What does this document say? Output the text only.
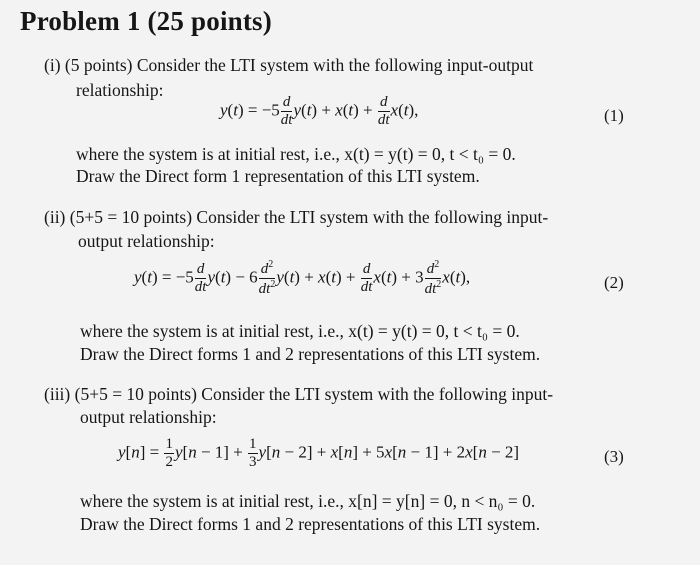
Problem 1 (25 points)
(i) (5 points) Consider the LTI system with the following input-output
relationship:
$y(t) = -5 \frac{d}{dt} y(t) + x(t) + \frac{d}{dt} x(t)$,	(1)
where the system is at initial rest, i.e., x(t) = y(t) = 0, t < t₀ = 0.
Draw the Direct form 1 representation of this LTI system.
(ii) (5+5 = 10 points) Consider the LTI system with the following input-
output relationship:
$y(t) = -5 \frac{d}{dt} y(t) - 6 \frac{d^2}{dt^2} y(t) + x(t) + \frac{d}{dt} x(t) + 3 \frac{d^2}{dt^2} x(t)$,	(2)
where the system is at initial rest, i.e., x(t) = y(t) = 0, t < t₀ = 0.
Draw the Direct forms 1 and 2 representations of this LTI system.
(iii) (5+5 = 10 points) Consider the LTI system with the following input-
output relationship:
$y[n] = \frac{1}{2} y[n - 1] + \frac{1}{3} y[n - 2] + x[n] + 5x[n - 1] + 2x[n - 2]$	(3)
where the system is at initial rest, i.e., x[n] = y[n] = 0, n < n₀ = 0.
Draw the Direct forms 1 and 2 representations of this LTI system.
